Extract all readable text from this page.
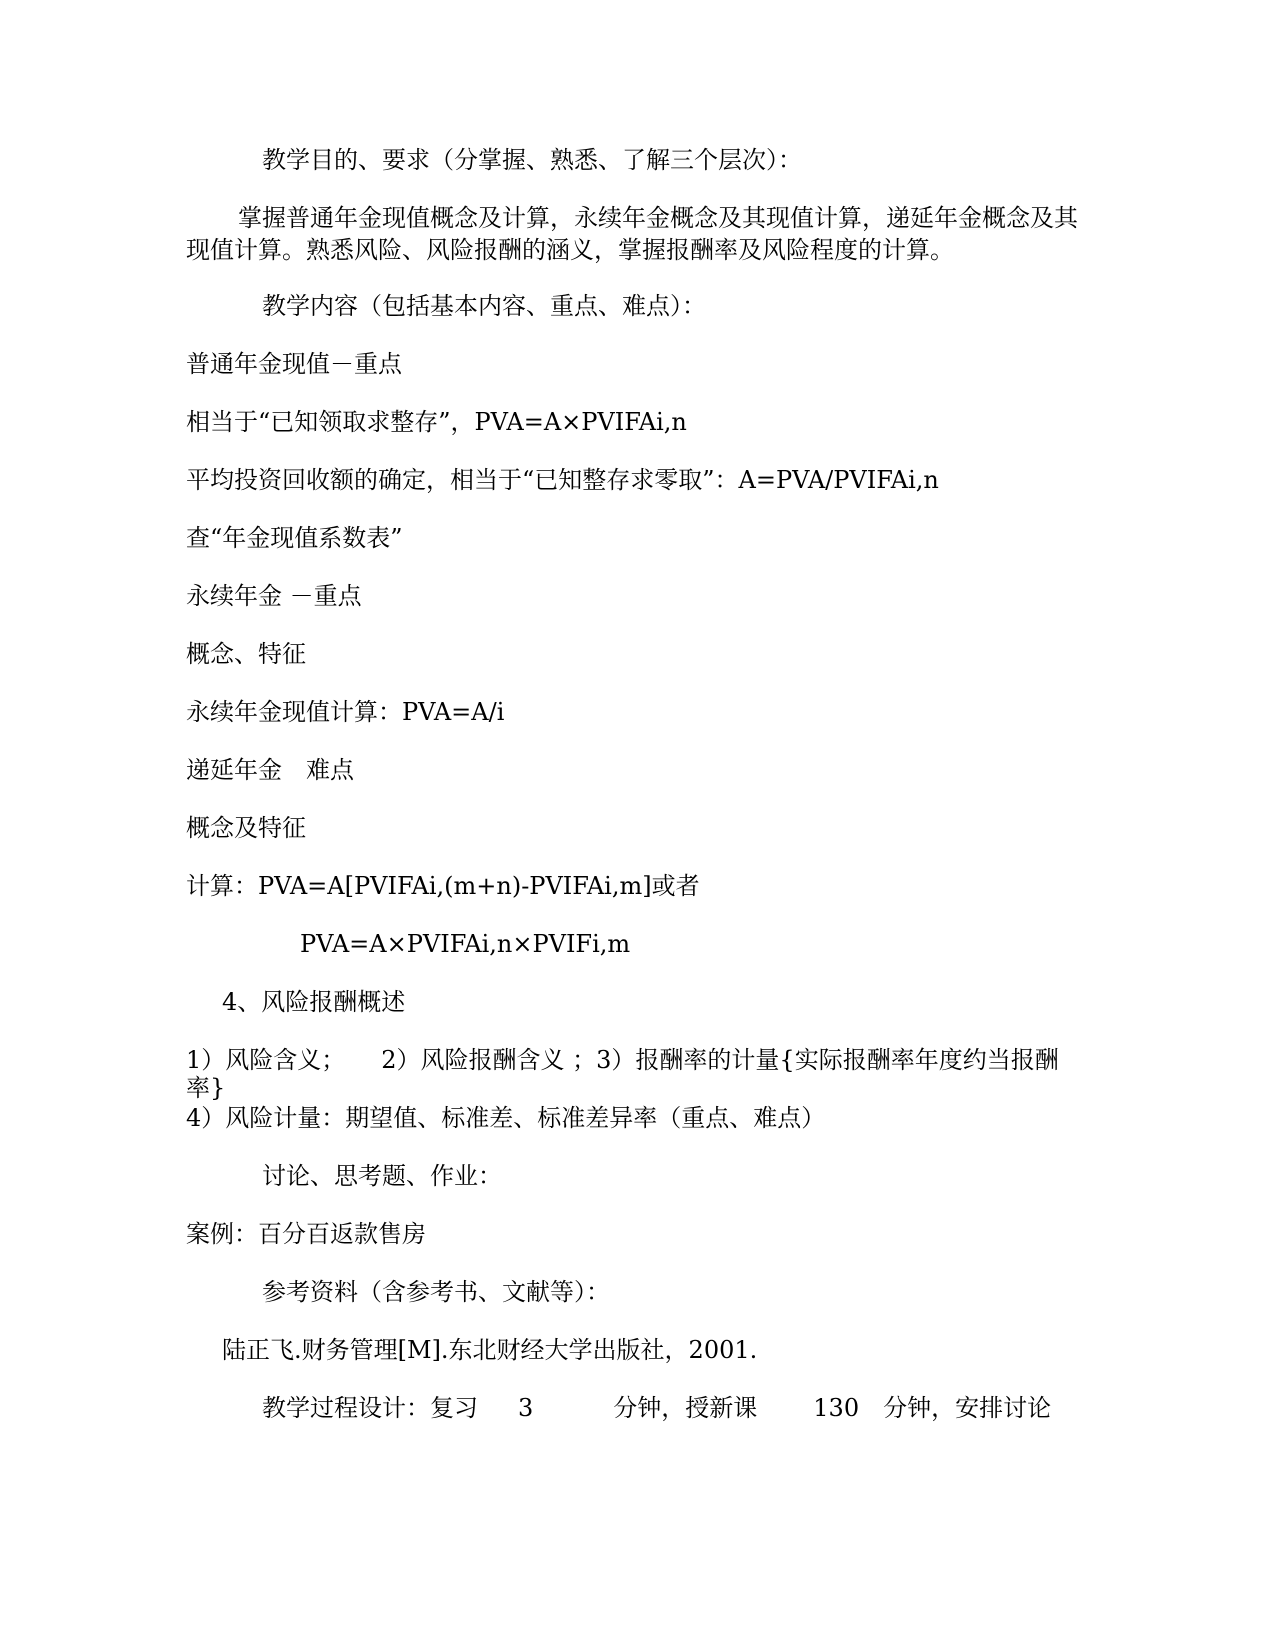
教学目的、要求（分掌握、熟悉、了解三个层次）：
掌握普通年金现值概念及计算，永续年金概念及其现值计算，递延年金概念及其现值计算。熟悉风险、风险报酬的涵义，掌握报酬率及风险程度的计算。
教学内容（包括基本内容、重点、难点）：
普通年金现值－重点
相当于“已知领取求整存”，PVA=A×PVIFAi,n
平均投资回收额的确定，相当于“已知整存求零取”：A=PVA/PVIFAi,n
查“年金现值系数表”
永续年金 －重点
概念、特征
永续年金现值计算：PVA=A/i
递延年金　难点
概念及特征
计算：PVA=A[PVIFAi,(m+n)-PVIFAi,m]或者
PVA=A×PVIFAi,n×PVIFi,m
4、风险报酬概述
1）风险含义；　　2）风险报酬含义 ；3）报酬率的计量{实际报酬率年度约当报酬
率}
4）风险计量：期望值、标准差、标准差异率（重点、难点）
讨论、思考题、作业：
案例：百分百返款售房
参考资料（含参考书、文献等）：
陆正飞.财务管理[M].东北财经大学出版社，2001.
教学过程设计：复习 3	分钟，授新课 130 分钟，安排讨论
